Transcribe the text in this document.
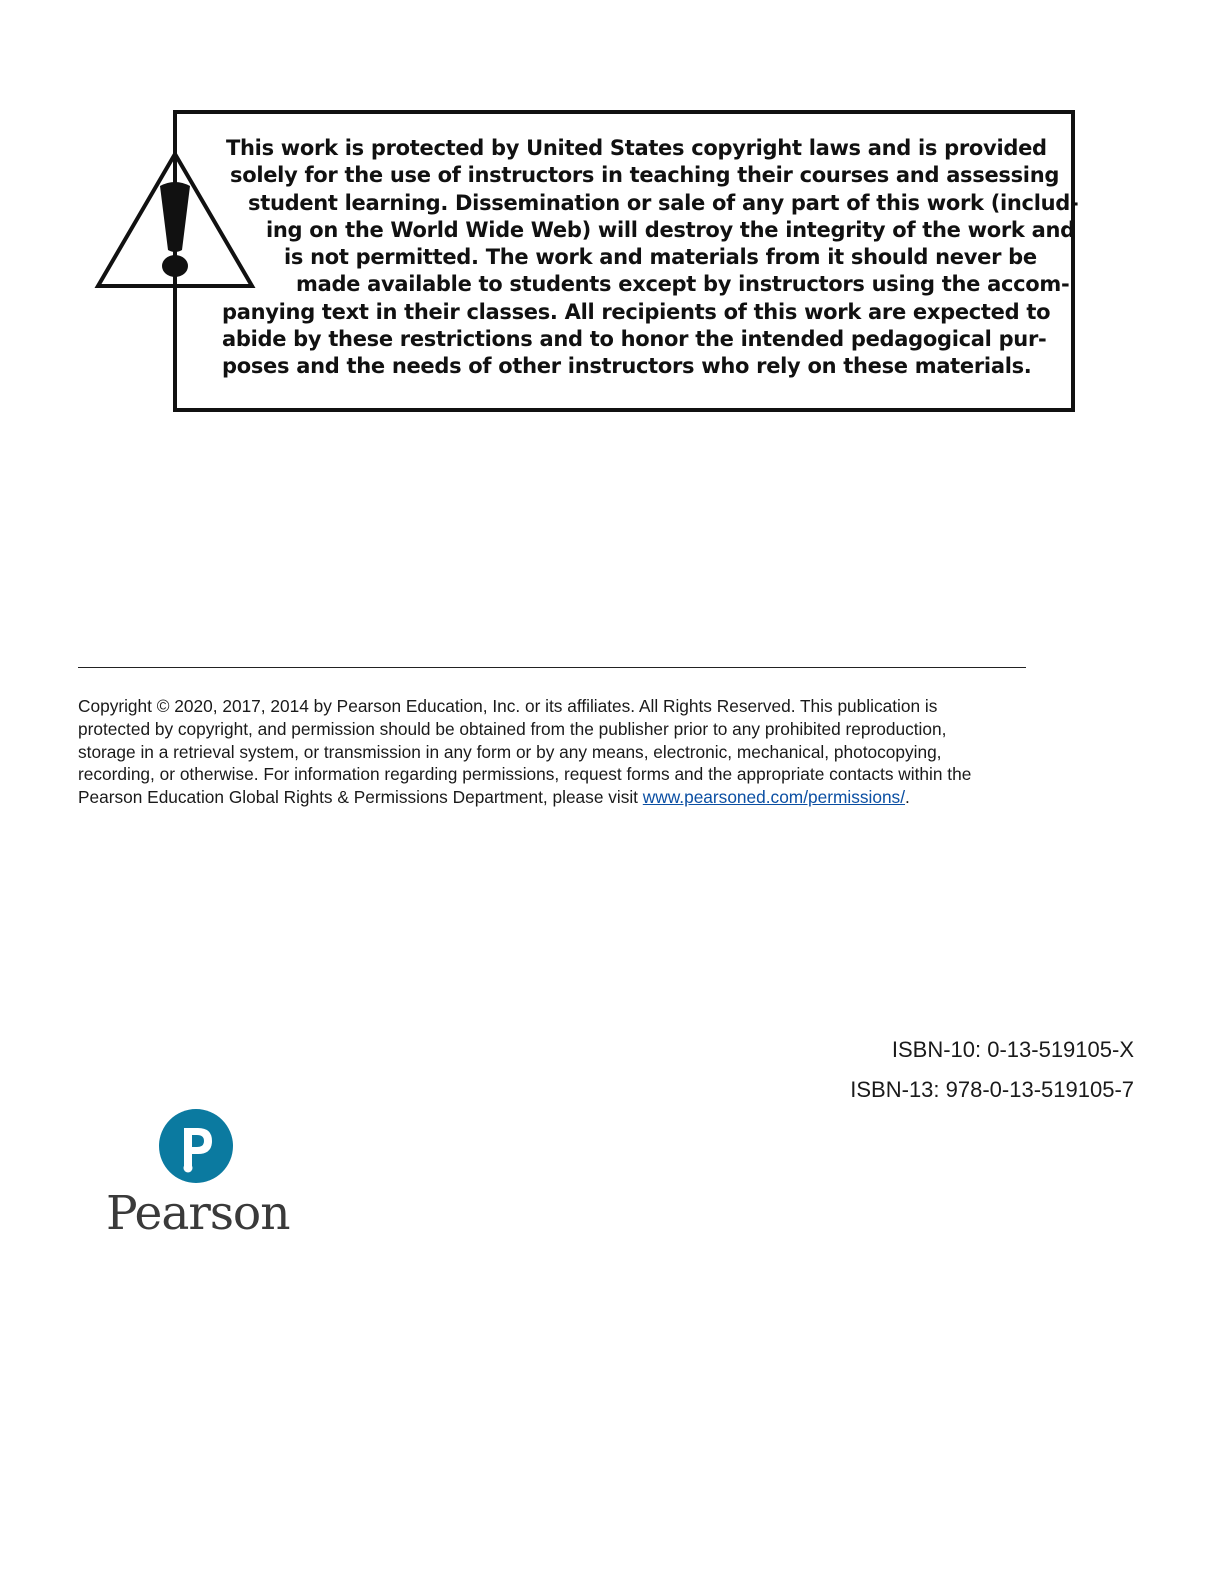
This work is protected by United States copyright laws and is provided
solely for the use of instructors in teaching their courses and assessing
student learning. Dissemination or sale of any part of this work (includ-
ing on the World Wide Web) will destroy the integrity of the work and
is not permitted. The work and materials from it should never be
made available to students except by instructors using the accom-
panying text in their classes. All recipients of this work are expected to
abide by these restrictions and to honor the intended pedagogical pur-
poses and the needs of other instructors who rely on these materials.
Copyright © 2020, 2017, 2014 by Pearson Education, Inc. or its affiliates. All Rights Reserved. This publication is
protected by copyright, and permission should be obtained from the publisher prior to any prohibited reproduction,
storage in a retrieval system, or transmission in any form or by any means, electronic, mechanical, photocopying,
recording, or otherwise. For information regarding permissions, request forms and the appropriate contacts within the
Pearson Education Global Rights & Permissions Department, please visit www.pearsoned.com/permissions/.
ISBN-10: 0-13-519105-X
ISBN-13: 978-0-13-519105-7
Pearson
